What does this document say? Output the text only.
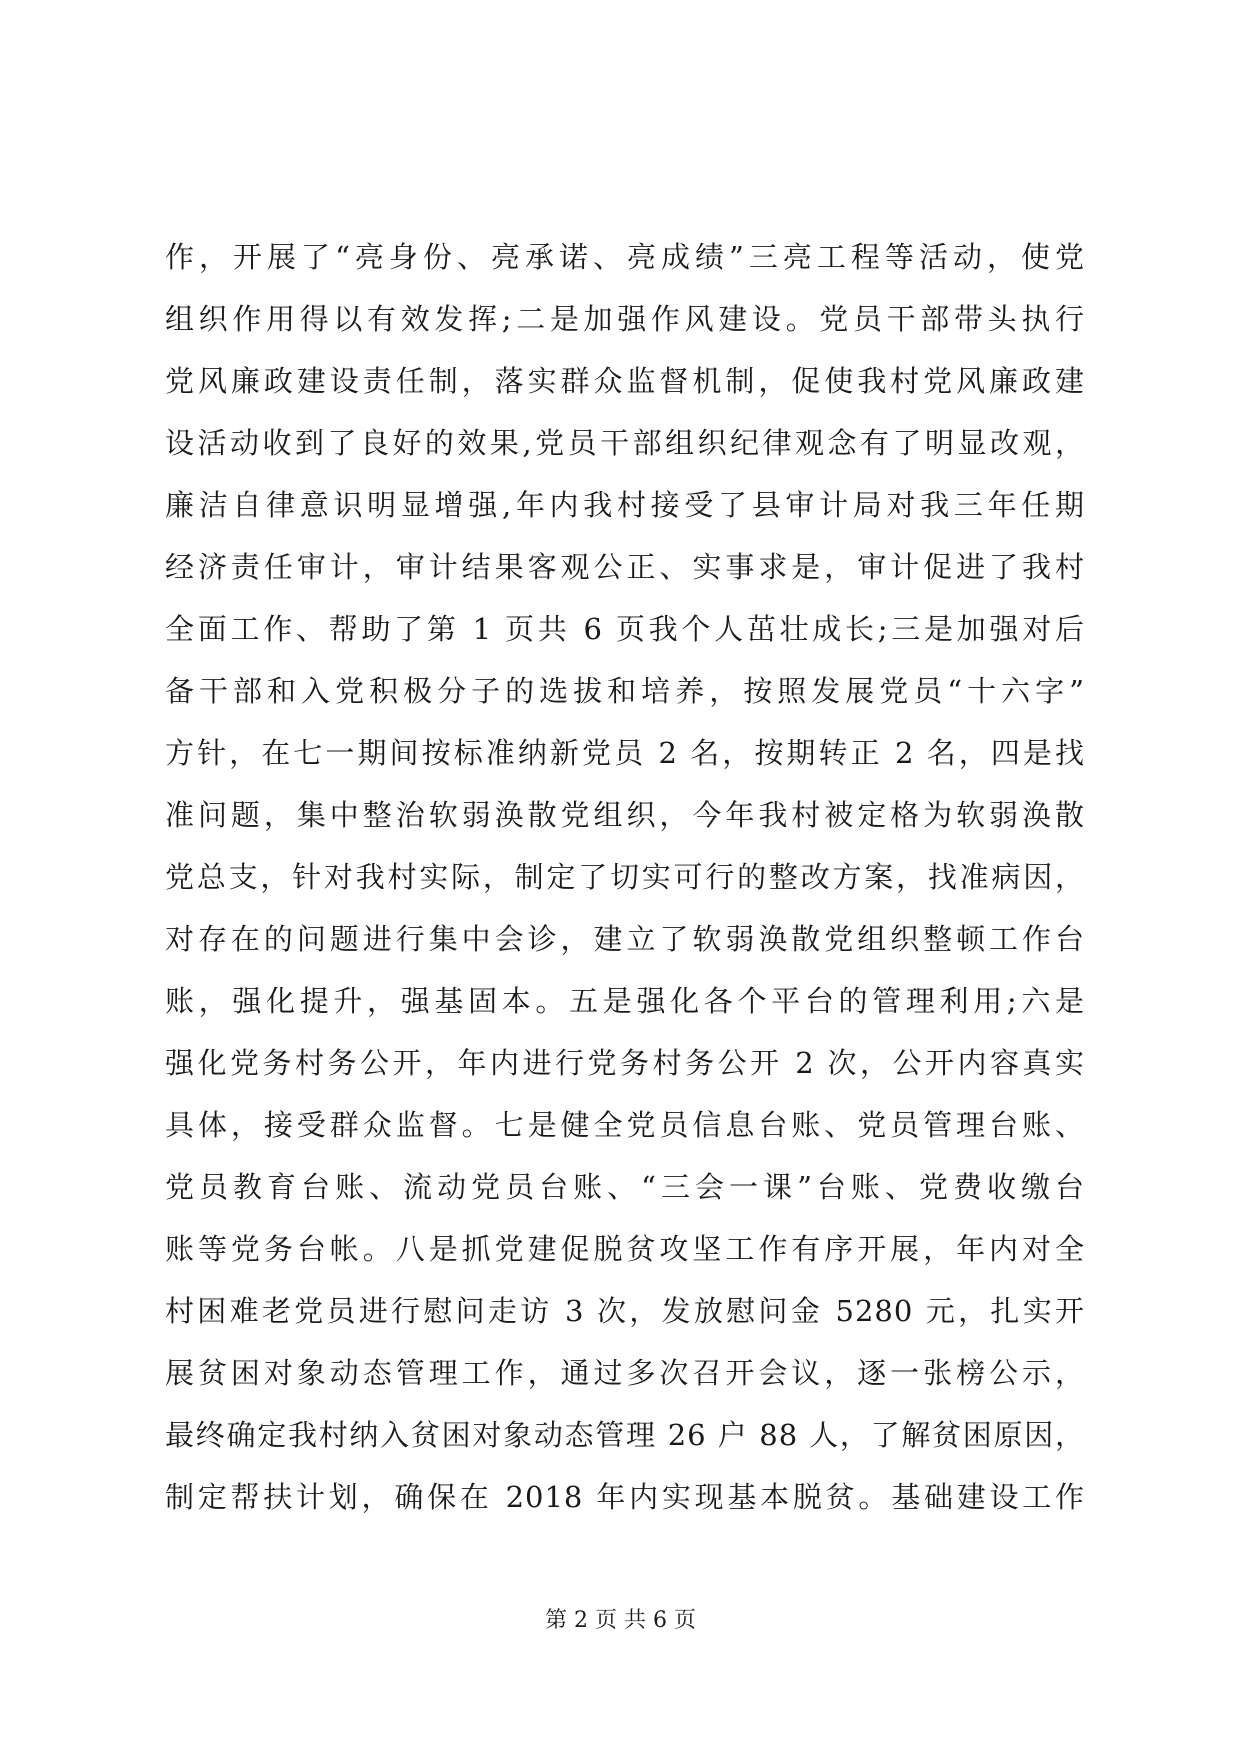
作，开展了“亮身份、亮承诺、亮成绩”三亮工程等活动，使党
组织作用得以有效发挥;二是加强作风建设。党员干部带头执行
党风廉政建设责任制，落实群众监督机制，促使我村党风廉政建
设活动收到了良好的效果,党员干部组织纪律观念有了明显改观，
廉洁自律意识明显增强,年内我村接受了县审计局对我三年任期
经济责任审计，审计结果客观公正、实事求是，审计促进了我村
全面工作、帮助了第 1 页共 6 页我个人茁壮成长;三是加强对后
备干部和入党积极分子的选拔和培养，按照发展党员“十六字”
方针，在七一期间按标准纳新党员 2 名，按期转正 2 名，四是找
准问题，集中整治软弱涣散党组织，今年我村被定格为软弱涣散
党总支，针对我村实际，制定了切实可行的整改方案，找准病因，
对存在的问题进行集中会诊，建立了软弱涣散党组织整顿工作台
账，强化提升，强基固本。五是强化各个平台的管理利用;六是
强化党务村务公开，年内进行党务村务公开 2 次，公开内容真实
具体，接受群众监督。七是健全党员信息台账、党员管理台账、
党员教育台账、流动党员台账、“三会一课”台账、党费收缴台
账等党务台帐。八是抓党建促脱贫攻坚工作有序开展，年内对全
村困难老党员进行慰问走访 3 次，发放慰问金 5280 元，扎实开
展贫困对象动态管理工作，通过多次召开会议，逐一张榜公示，
最终确定我村纳入贫困对象动态管理 26 户 88 人，了解贫困原因，
制定帮扶计划，确保在 2018 年内实现基本脱贫。基础建设工作
第 2 页 共 6 页
